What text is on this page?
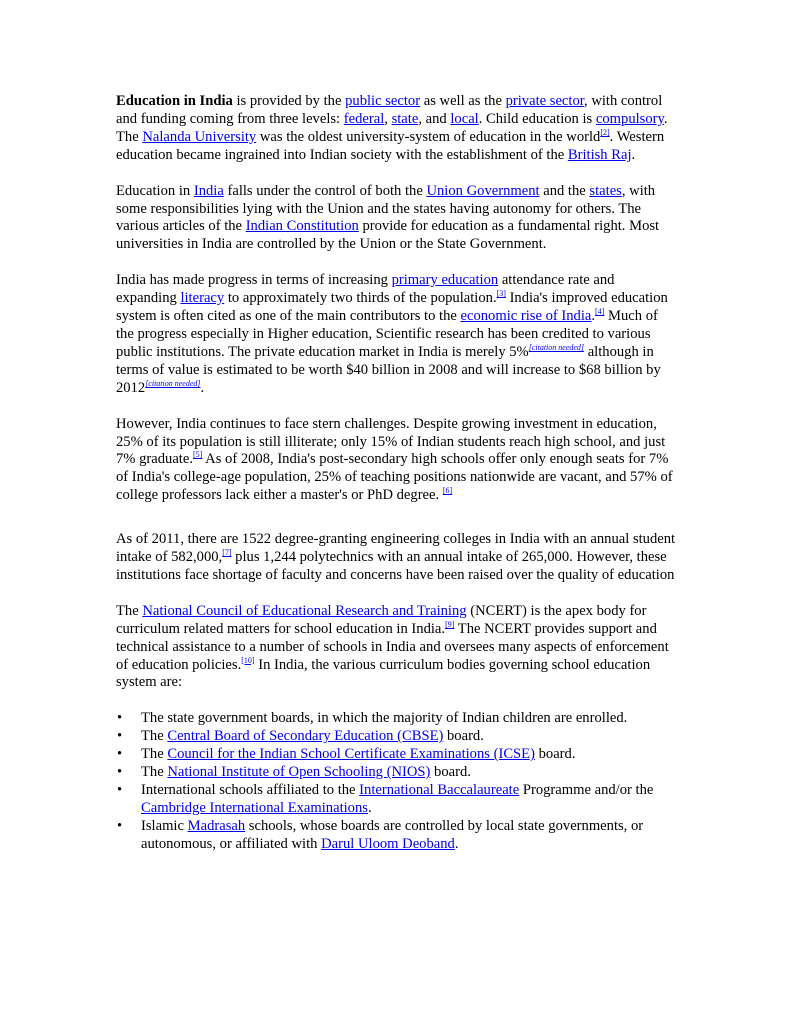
Education in India is provided by the public sector as well as the private sector, with control and funding coming from three levels: federal, state, and local. Child education is compulsory. The Nalanda University was the oldest university-system of education in the world[2]. Western education became ingrained into Indian society with the establishment of the British Raj.

Education in India falls under the control of both the Union Government and the states, with some responsibilities lying with the Union and the states having autonomy for others. The various articles of the Indian Constitution provide for education as a fundamental right. Most universities in India are controlled by the Union or the State Government.

India has made progress in terms of increasing primary education attendance rate and expanding literacy to approximately two thirds of the population.[3] India's improved education system is often cited as one of the main contributors to the economic rise of India.[4] Much of the progress especially in Higher education, Scientific research has been credited to various public institutions. The private education market in India is merely 5%[citation needed] although in terms of value is estimated to be worth $40 billion in 2008 and will increase to $68 billion by 2012[citation needed].

However, India continues to face stern challenges. Despite growing investment in education, 25% of its population is still illiterate; only 15% of Indian students reach high school, and just 7% graduate.[5] As of 2008, India's post-secondary high schools offer only enough seats for 7% of India's college-age population, 25% of teaching positions nationwide are vacant, and 57% of college professors lack either a master's or PhD degree. [6]

As of 2011, there are 1522 degree-granting engineering colleges in India with an annual student intake of 582,000,[7] plus 1,244 polytechnics with an annual intake of 265,000. However, these institutions face shortage of faculty and concerns have been raised over the quality of education

The National Council of Educational Research and Training (NCERT) is the apex body for curriculum related matters for school education in India.[9] The NCERT provides support and technical assistance to a number of schools in India and oversees many aspects of enforcement of education policies.[10] In India, the various curriculum bodies governing school education system are:

• The state government boards, in which the majority of Indian children are enrolled.
• The Central Board of Secondary Education (CBSE) board.
• The Council for the Indian School Certificate Examinations (ICSE) board.
• The National Institute of Open Schooling (NIOS) board.
• International schools affiliated to the International Baccalaureate Programme and/or the Cambridge International Examinations.
• Islamic Madrasah schools, whose boards are controlled by local state governments, or autonomous, or affiliated with Darul Uloom Deoband.
